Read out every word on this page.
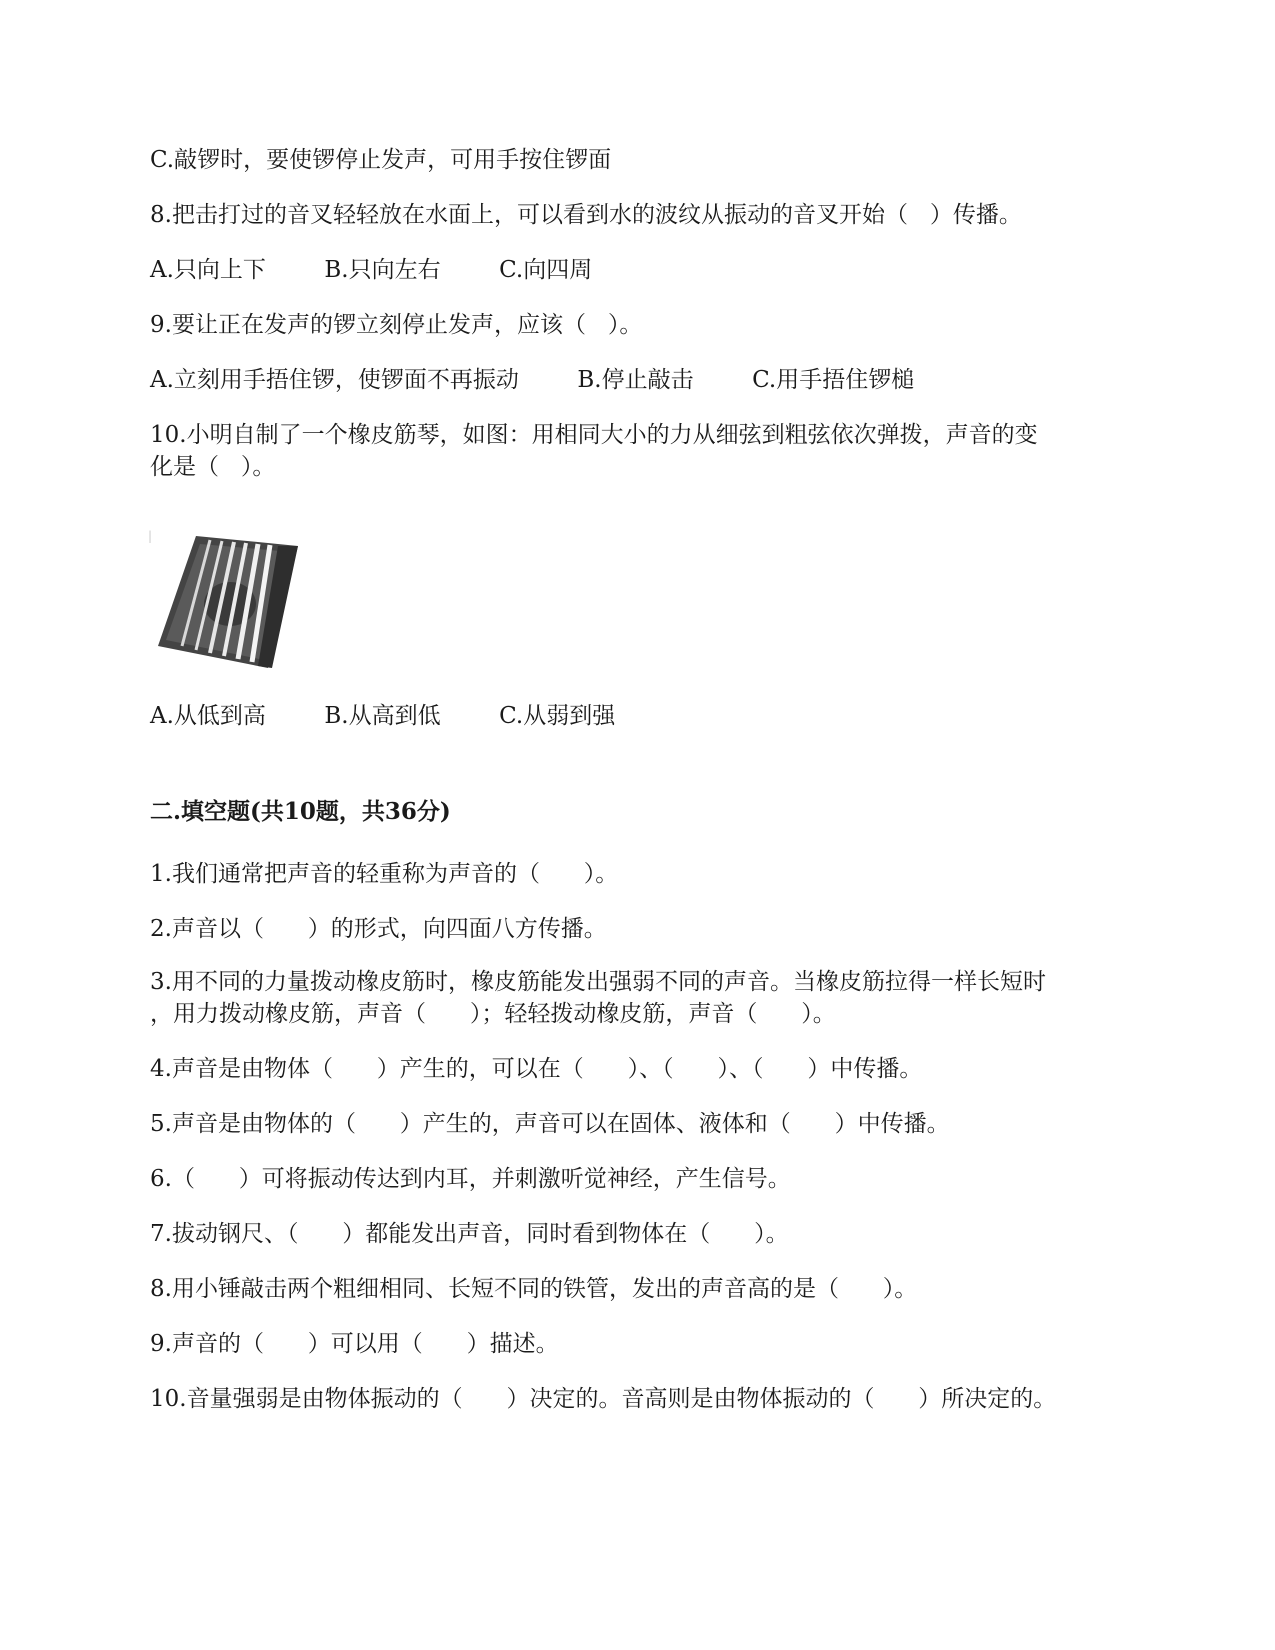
C.敲锣时，要使锣停止发声，可用手按住锣面
8.把击打过的音叉轻轻放在水面上，可以看到水的波纹从振动的音叉开始（   ）传播。
A.只向上下        B.只向左右        C.向四周
9.要让正在发声的锣立刻停止发声，应该（   ）。
A.立刻用手捂住锣，使锣面不再振动        B.停止敲击        C.用手捂住锣槌
10.小明自制了一个橡皮筋琴，如图：用相同大小的力从细弦到粗弦依次弹拨，声音的变
化是（   ）。
|
A.从低到高        B.从高到低        C.从弱到强
二.填空题(共10题，共36分)
1.我们通常把声音的轻重称为声音的（      ）。
2.声音以（      ）的形式，向四面八方传播。
3.用不同的力量拨动橡皮筋时，橡皮筋能发出强弱不同的声音。当橡皮筋拉得一样长短时
，用力拨动橡皮筋，声音（      ）；轻轻拨动橡皮筋，声音（      ）。
4.声音是由物体（      ）产生的，可以在（      ）、（      ）、（      ）中传播。
5.声音是由物体的（      ）产生的，声音可以在固体、液体和（      ）中传播。
6.（      ）可将振动传达到内耳，并刺激听觉神经，产生信号。
7.拔动钢尺、（      ）都能发出声音，同时看到物体在（      ）。
8.用小锤敲击两个粗细相同、长短不同的铁管，发出的声音高的是（      ）。
9.声音的（      ）可以用（      ）描述。
10.音量强弱是由物体振动的（      ）决定的。音高则是由物体振动的（      ）所决定的。
